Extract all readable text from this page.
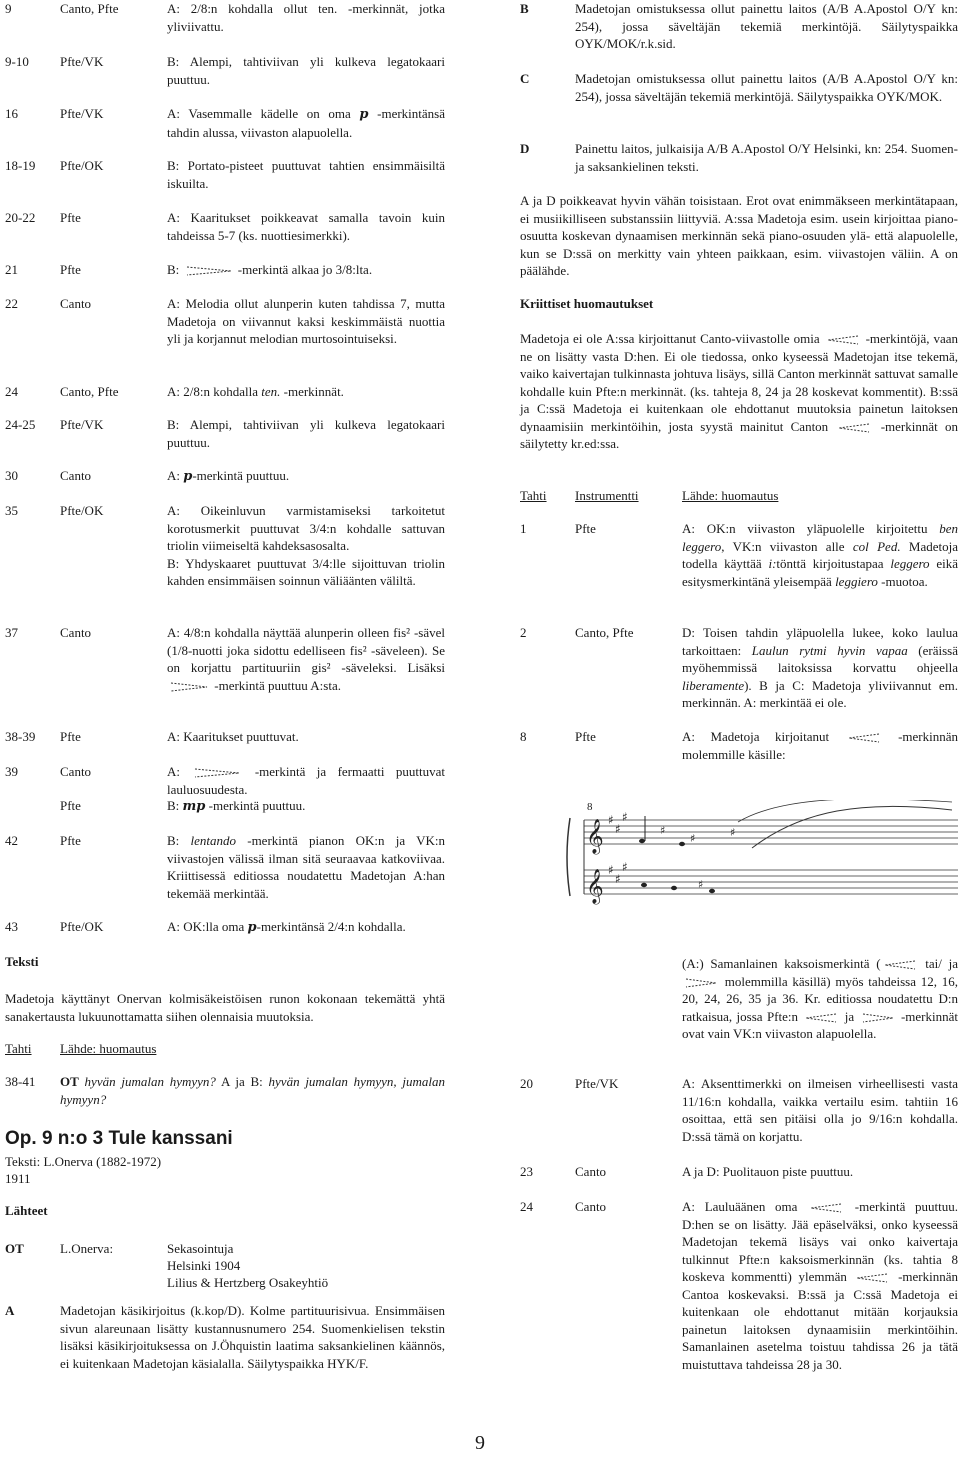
9	Canto, Pfte	A: 2/8:n kohdalla ollut ten. -merkinnät, jotka yliviivattu.
9-10	Pfte/VK	B: Alempi, tahtiviivan yli kulkeva legatokaari puuttuu.
16	Pfte/VK	A: Vasemmalle kädelle on oma p -merkintänsä tahdin alussa, viivaston alapuolella.
18-19	Pfte/OK	B: Portato-pisteet puuttuvat tahtien ensimmäisiltä iskuilta.
20-22	Pfte	A: Kaaritukset poikkeavat samalla tavoin kuin tahdeissa 5-7 (ks. nuottiesimerkki).
21	Pfte	B:	-merkintä alkaa jo 3/8:lta.
22	Canto	A: Melodia ollut alunperin kuten tahdissa 7, mutta Madetoja on viivannut kaksi keskimmäistä nuottia yli ja korjannut melodian murtosointuiseksi.
24	Canto, Pfte	A: 2/8:n kohdalla ten. -merkinnät.
24-25	Pfte/VK	B: Alempi, tahtiviivan yli kulkeva legatokaari puuttuu.
30	Canto	A: p-merkintä puuttuu.
35	Pfte/OK	A: Oikeinluvun varmistamiseksi tarkoitetut korotusmerkit puuttuvat 3/4:n kohdalle sattuvan triolin viimeiseltä kahdeksasosalta.
B: Yhdyskaaret puuttuvat 3/4:lle sijoittuvan triolin kahden ensimmäisen soinnun väliäänten väliltä.
37	Canto	A: 4/8:n kohdalla näyttää alunperin olleen fis² -sävel (1/8-nuotti joka sidottu edelliseen fis² -säveleen). Se on korjattu partituuriin gis² -säveleksi. Lisäksi -merkintä puuttuu A:sta.
38-39	Pfte	A: Kaaritukset puuttuvat.
39	Canto	A:	-merkintä ja fermaatti puuttuvat lauluosuudesta.
Pfte	B: mp -merkintä puuttuu.
42	Pfte	B: lentando -merkintä pianon OK:n ja VK:n viivastojen välissä ilman sitä seuraavaa katkoviivaa. Kriittisessä editiossa noudatettu Madetojan A:han tekemää merkintää.
43	Pfte/OK	A: OK:lla oma p-merkintänsä 2/4:n kohdalla.
Teksti
Madetoja käyttänyt Onervan kolmisäkeistöisen runon kokonaan tekemättä yhtä sanakertausta lukuunottamatta siihen olennaisia muutoksia.
Tahti Lähde: huomautus
38-41	OT hyvän jumalan hymyyn? A ja B: hyvän jumalan hymyyn, jumalan hymyyn?
Op. 9 n:o 3 Tule kanssani
Teksti: L.Onerva (1882-1972)
1911
Lähteet
OT	L.Onerva:	Sekasointuja
Helsinki 1904
Lilius & Hertzberg Osakeyhtiö
A	Madetojan käsikirjoitus (k.kop/D). Kolme partituurisivua. Ensimmäisen sivun alareunaan lisätty kustannusnumero 254. Suomenkielisen tekstin lisäksi käsikirjoituksessa on J.Öhquistin laatima saksankielinen käännös, ei kuitenkaan Madetojan käsialalla. Säilytyspaikka HYK/F.
B	Madetojan omistuksessa ollut painettu laitos (A/B A.Apostol O/Y kn: 254), jossa säveltäjän tekemiä merkintöjä. Säilytyspaikka OYK/MOK/r.k.sid.
C	Madetojan omistuksessa ollut painettu laitos (A/B A.Apostol O/Y kn: 254), jossa säveltäjän tekemiä merkintöjä. Säilytyspaikka OYK/MOK.
D	Painettu laitos, julkaisija A/B A.Apostol O/Y Helsinki, kn: 254. Suomen- ja saksankielinen teksti.
A ja D poikkeavat hyvin vähän toisistaan. Erot ovat enimmäkseen merkintätapaan, ei musiikilliseen substanssiin liittyviä. A:ssa Madetoja esim. usein kirjoittaa piano-osuutta koskevan dynaamisen merkinnän sekä piano-osuuden ylä- että alapuolelle, kun se D:ssä on merkitty vain yhteen paikkaan, esim. viivastojen väliin. A on päälähde.
Kriittiset huomautukset
Madetoja ei ole A:ssa kirjoittanut Canto-viivastolle omia	-merkintöjä, vaan ne on lisätty vasta D:hen. Ei ole tiedossa, onko kyseessä Madetojan itse tekemä, vaiko kaivertajan tulkinnasta johtuva lisäys, sillä Canton merkinnät sattuvat samalle kohdalle kuin Pfte:n merkinnät. (ks. tahteja 8, 24 ja 28 koskevat kommentit). B:ssä ja C:ssä Madetoja ei kuitenkaan ole ehdottanut muutoksia painetun laitoksen dynaamisiin merkintöihin, josta syystä mainitut Canton	-merkinnät on säilytetty kr.ed:ssa.
Tahti Instrumentti	Lähde: huomautus
1	Pfte	A: OK:n viivaston yläpuolelle kirjoitettu ben leggero, VK:n viivaston alle col Ped. Madetoja todella käyttää i:tönttä kirjoitustapaa leggero eikä esitysmerkintänä yleisempää leggiero -muotoa.
2	Canto, Pfte	D: Toisen tahdin yläpuolella lukee, koko laulua tarkoittaen: Laulun rytmi hyvin vapaa (eräissä myöhemmissä laitoksissa korvattu ohjeella liberamente). B ja C: Madetoja yliviivannut em. merkinnän. A: merkintää ei ole.
8	Pfte	A: Madetoja kirjoitanut	-merkinnän molemmille käsille:
(A:) Samanlainen kaksoismerkintä (	tai/ ja  molemmilla käsillä) myös tahdeissa 12, 16, 20, 24, 26, 35 ja 36. Kr. editiossa noudatettu D:n ratkaisua, jossa Pfte:n	ja	-merkinnät ovat vain VK:n viivaston alapuolella.
20	Pfte/VK	A: Aksenttimerkki on ilmeisen virheellisesti vasta 11/16:n kohdalla, vaikka vertailu esim. tahtiin 16 osoittaa, että sen pitäisi olla jo 9/16:n kohdalla. D:ssä tämä on korjattu.
23	Canto	A ja D: Puolitauon piste puuttuu.
24	Canto	A: Lauluäänen oma	-merkintä puuttuu. D:hen se on lisätty. Jää epäselväksi, onko kyseessä Madetojan tekemä lisäys vai onko kaivertaja tulkinnut Pfte:n kaksoismerkinnän (ks. tahtia 8 koskeva kommentti) ylemmän	-merkinnän Cantoa koskevaksi. B:ssä ja C:ssä Madetoja ei kuitenkaan ole ehdottanut mitään korjauksia painetun laitoksen dynaamisiin merkintöihin. Samanlainen asetelma toistuu tahdissa 26 ja tätä muistuttava tahdeissa 28 ja 30.
8
𝄞
𝄞
♯
♯
♯
♯
♯
♯
♯
♯	♯
♯
9
